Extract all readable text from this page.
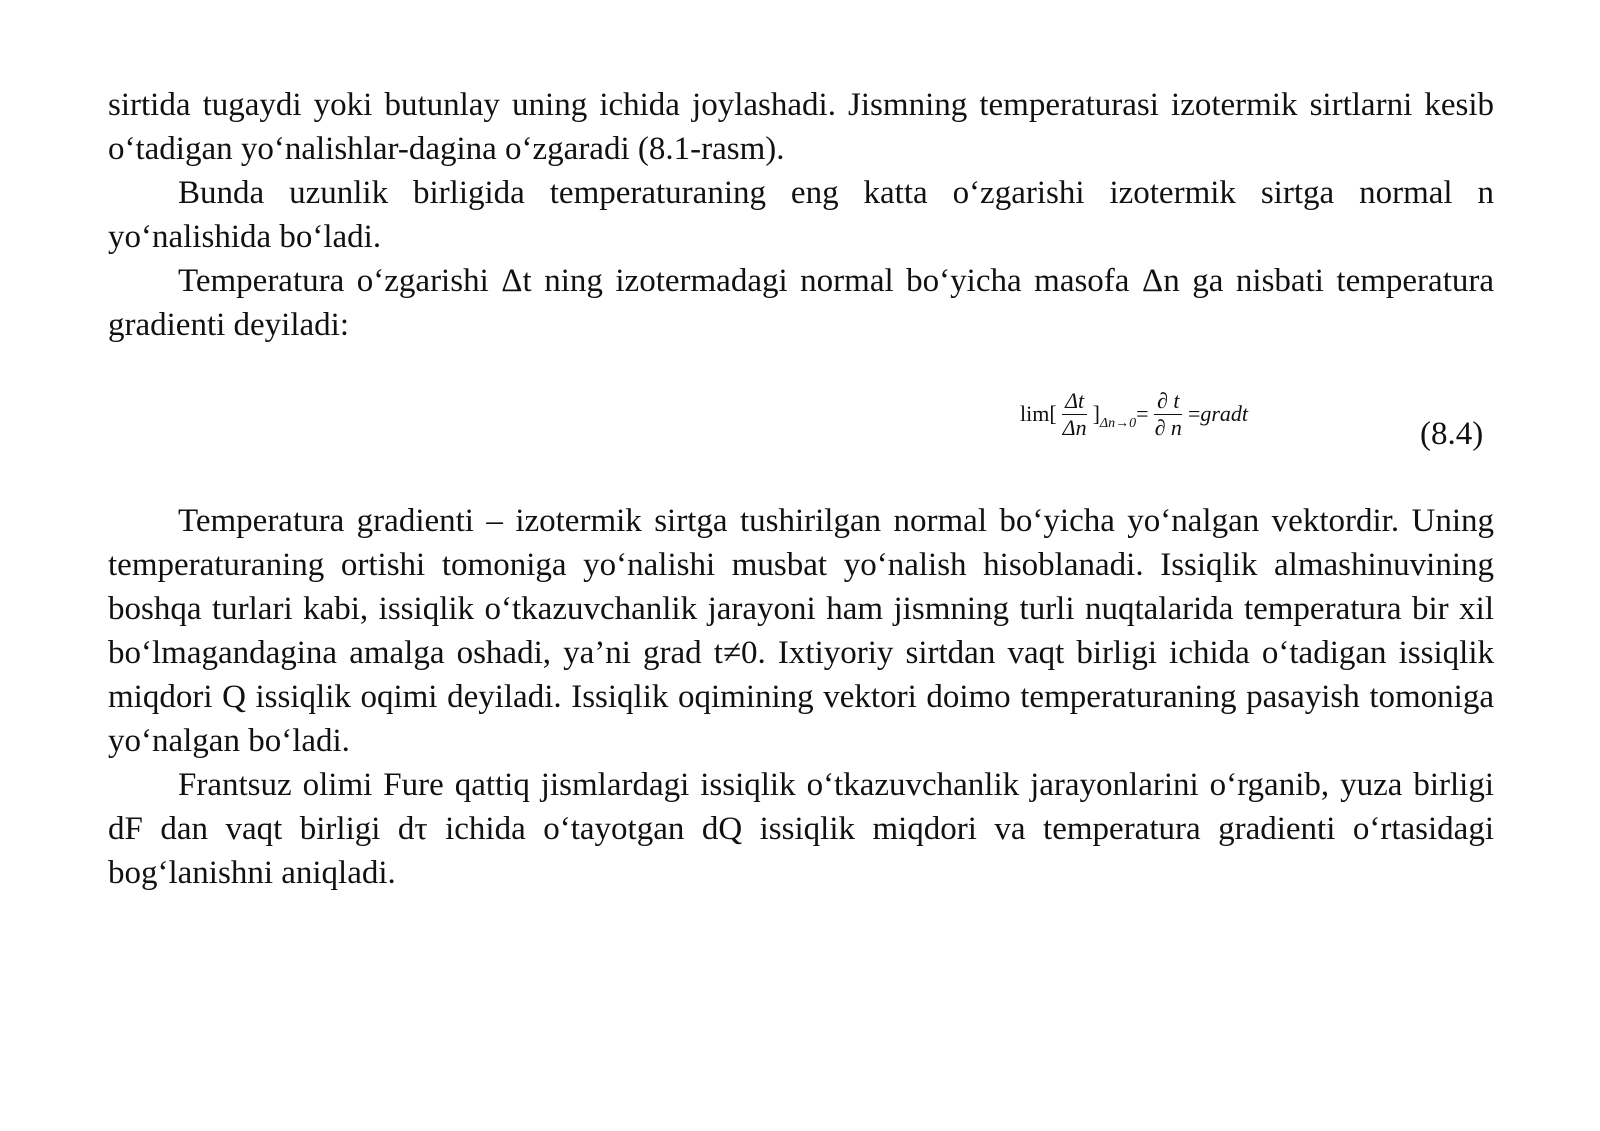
sirtida tugaydi yoki butunlay uning ichida joylashadi. Jismning temperaturasi izotermik sirtlarni kesib o‘tadigan yo‘nalishlar-dagina o‘zgaradi (8.1-rasm).

Bunda uzunlik birligida temperaturaning eng katta o‘zgarishi izotermik sirtga normal n yo‘nalishida bo‘ladi.

Temperatura o‘zgarishi Δt ning izotermadagi normal bo‘yicha masofa Δn ga nisbati temperatura gradienti deyiladi:

lim [ $\frac{\Delta t}{\Delta n}$ ] $\Delta n\to 0 = \frac{\partial t}{\partial n}$ = gradt
(8.4)

Temperatura gradienti – izotermik sirtga tushirilgan normal bo‘yicha yo‘nalgan vektordir. Uning temperaturaning ortishi tomoniga yo‘nalishi musbat yo‘nalish hisoblanadi. Issiqlik almashinuvining boshqa turlari kabi, issiqlik o‘tkazuvchanlik jarayoni ham jismning turli nuqtalarida temperatura bir xil bo‘lmagandagina amalga oshadi, ya’ni grad t≠0. Ixtiyoriy sirtdan vaqt birligi ichida o‘tadigan issiqlik miqdori Q issiqlik oqimi deyiladi. Issiqlik oqimining vektori doimo temperaturaning pasayish tomoniga yo‘nalgan bo‘ladi.

Frantsuz olimi Fure qattiq jismlardagi issiqlik o‘tkazuvchanlik jarayonlarini o‘rganib, yuza birligi dF dan vaqt birligi dτ ichida o‘tayotgan dQ issiqlik miqdori va temperatura gradienti o‘rtasidagi bog‘lanishni aniqladi.
